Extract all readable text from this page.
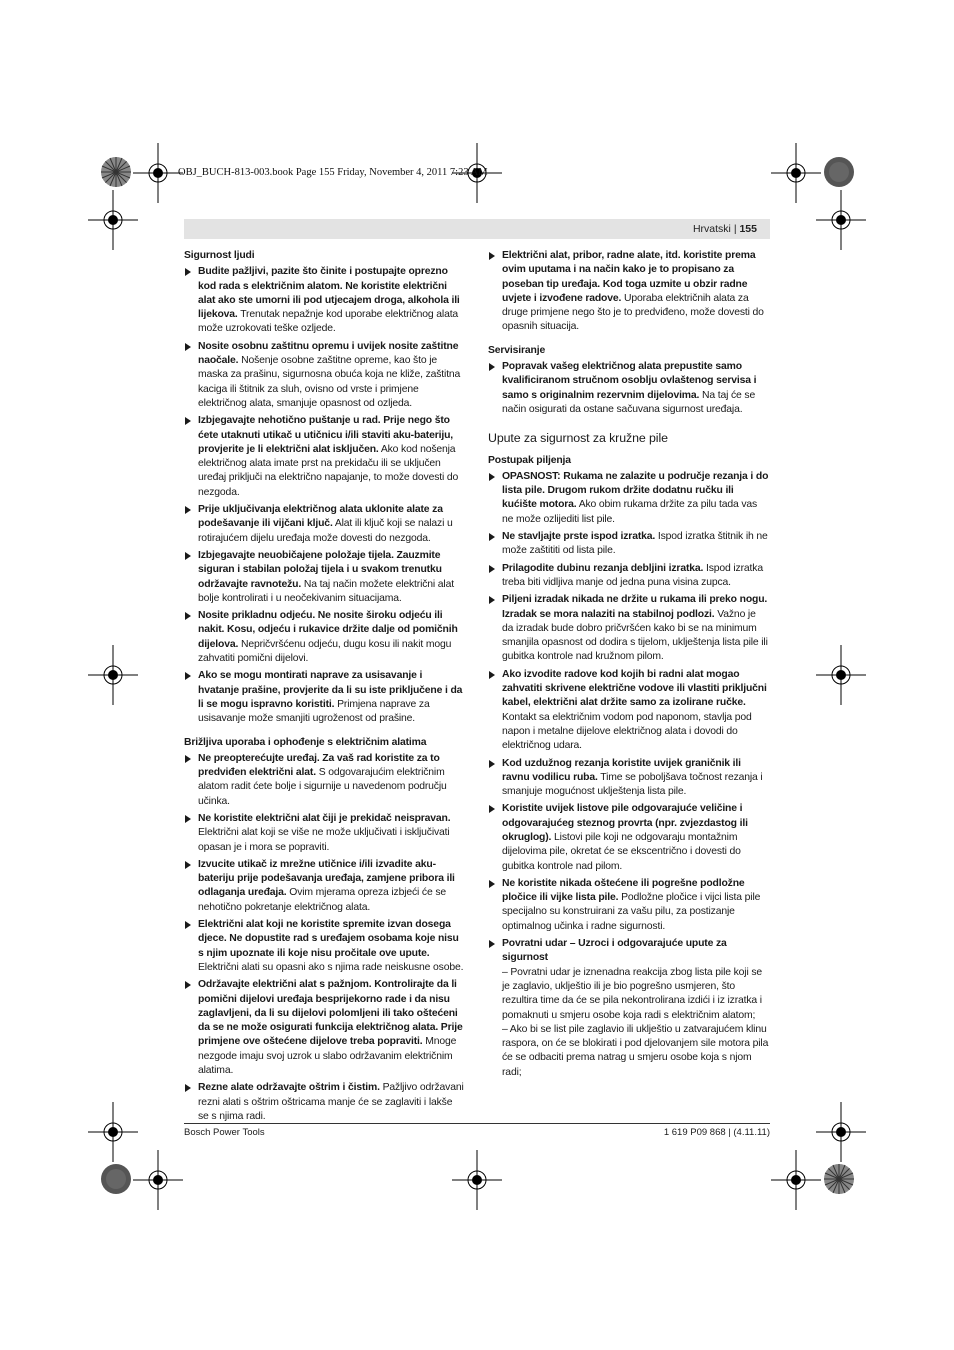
OBJ_BUCH-813-003.book Page 155 Friday, November 4, 2011 7:23 AM
Hrvatski | 155
Sigurnost ljudi
Budite pažljivi, pazite što činite i postupajte oprezno kod rada s električnim alatom. Ne koristite električni alat ako ste umorni ili pod utjecajem droga, alkohola ili lijekova. Trenutak nepažnje kod uporabe električnog alata može uzrokovati teške ozljede.
Nosite osobnu zaštitnu opremu i uvijek nosite zaštitne naočale. Nošenje osobne zaštitne opreme, kao što je maska za prašinu, sigurnosna obuća koja ne kliže, zaštitna kaciga ili štitnik za sluh, ovisno od vrste i primjene električnog alata, smanjuje opasnost od ozljeda.
Izbjegavajte nehotično puštanje u rad. Prije nego što ćete utaknuti utikač u utičnicu i/ili staviti aku-bateriju, provjerite je li električni alat isključen. Ako kod nošenja električnog alata imate prst na prekidaču ili se uključen uređaj priključi na električno napajanje, to može dovesti do nezgoda.
Prije uključivanja električnog alata uklonite alate za podešavanje ili vijčani ključ. Alat ili ključ koji se nalazi u rotirajućem dijelu uređaja može dovesti do nezgoda.
Izbjegavajte neuobičajene položaje tijela. Zauzmite siguran i stabilan položaj tijela i u svakom trenutku održavajte ravnotežu. Na taj način možete električni alat bolje kontrolirati i u neočekivanim situacijama.
Nosite prikladnu odjeću. Ne nosite široku odjeću ili nakit. Kosu, odjeću i rukavice držite dalje od pomičnih dijelova. Nepričvršćenu odjeću, dugu kosu ili nakit mogu zahvatiti pomični dijelovi.
Ako se mogu montirati naprave za usisavanje i hvatanje prašine, provjerite da li su iste priključene i da li se mogu ispravno koristiti. Primjena naprave za usisavanje može smanjiti ugroženost od prašine.
Brižljiva uporaba i ophođenje s električnim alatima
Ne preopterećujte uređaj. Za vaš rad koristite za to predviđen električni alat. S odgovarajućim električnim alatom radit ćete bolje i sigurnije u navedenom području učinka.
Ne koristite električni alat čiji je prekidač neispravan. Električni alat koji se više ne može uključivati i isključivati opasan je i mora se popraviti.
Izvucite utikač iz mrežne utičnice i/ili izvadite aku-bateriju prije podešavanja uređaja, zamjene pribora ili odlaganja uređaja. Ovim mjerama opreza izbjeći će se nehotično pokretanje električnog alata.
Električni alat koji ne koristite spremite izvan dosega djece. Ne dopustite rad s uređajem osobama koje nisu s njim upoznate ili koje nisu pročitale ove upute. Električni alati su opasni ako s njima rade neiskusne osobe.
Održavajte električni alat s pažnjom. Kontrolirajte da li pomični dijelovi uređaja besprijekorno rade i da nisu zaglavljeni, da li su dijelovi polomljeni ili tako oštećeni da se ne može osigurati funkcija električnog alata. Prije primjene ove oštećene dijelove treba popraviti. Mnoge nezgode imaju svoj uzrok u slabo održavanim električnim alatima.
Rezne alate održavajte oštrim i čistim. Pažljivo održavani rezni alati s oštrim oštricama manje će se zaglaviti i lakše se s njima radi.
Električni alat, pribor, radne alate, itd. koristite prema ovim uputama i na način kako je to propisano za poseban tip uređaja. Kod toga uzmite u obzir radne uvjete i izvođene radove. Uporaba električnih alata za druge primjene nego što je to predviđeno, može dovesti do opasnih situacija.
Servisiranje
Popravak vašeg električnog alata prepustite samo kvalificiranom stručnom osoblju ovlaštenog servisa i samo s originalnim rezervnim dijelovima. Na taj će se način osigurati da ostane sačuvana sigurnost uređaja.
Upute za sigurnost za kružne pile
Postupak piljenja
OPASNOST: Rukama ne zalazite u područje rezanja i do lista pile. Drugom rukom držite dodatnu ručku ili kućište motora. Ako obim rukama držite za pilu tada vas ne može ozlijediti list pile.
Ne stavljajte prste ispod izratka. Ispod izratka štitnik ih ne može zaštititi od lista pile.
Prilagodite dubinu rezanja debljini izratka. Ispod izratka treba biti vidljiva manje od jedna puna visina zupca.
Piljeni izradak nikada ne držite u rukama ili preko nogu. Izradak se mora nalaziti na stabilnoj podlozi. Važno je da izradak bude dobro pričvršćen kako bi se na minimum smanjila opasnost od dodira s tijelom, uklještenja lista pile ili gubitka kontrole nad kružnom pilom.
Ako izvodite radove kod kojih bi radni alat mogao zahvatiti skrivene električne vodove ili vlastiti priključni kabel, električni alat držite samo za izolirane ručke. Kontakt sa električnim vodom pod naponom, stavlja pod napon i metalne dijelove električnog alata i dovodi do električnog udara.
Kod uzdužnog rezanja koristite uvijek graničnik ili ravnu vodilicu ruba. Time se poboljšava točnost rezanja i smanjuje mogućnost uklještenja lista pile.
Koristite uvijek listove pile odgovarajuće veličine i odgovarajućeg steznog provrta (npr. zvjezdastog ili okruglog). Listovi pile koji ne odgovaraju montažnim dijelovima pile, okretat će se ekscentrično i dovesti do gubitka kontrole nad pilom.
Ne koristite nikada oštećene ili pogrešne podložne pločice ili vijke lista pile. Podložne pločice i vijci lista pile specijalno su konstruirani za vašu pilu, za postizanje optimalnog učinka i radne sigurnosti.
Povratni udar – Uzroci i odgovarajuće upute za sigurnost
– Povratni udar je iznenadna reakcija zbog lista pile koji se je zaglavio, uklještio ili je bio pogrešno usmjeren, što rezultira time da će se pila nekontrolirana izdići i iz izratka i pomaknuti u smjeru osobe koja radi s električnim alatom;
– Ako bi se list pile zaglavio ili uklještio u zatvarajućem klinu raspora, on će se blokirati i pod djelovanjem sile motora pila će se odbaciti prema natrag u smjeru osobe koja s njom radi;
Bosch Power Tools	1 619 P09 868 | (4.11.11)
